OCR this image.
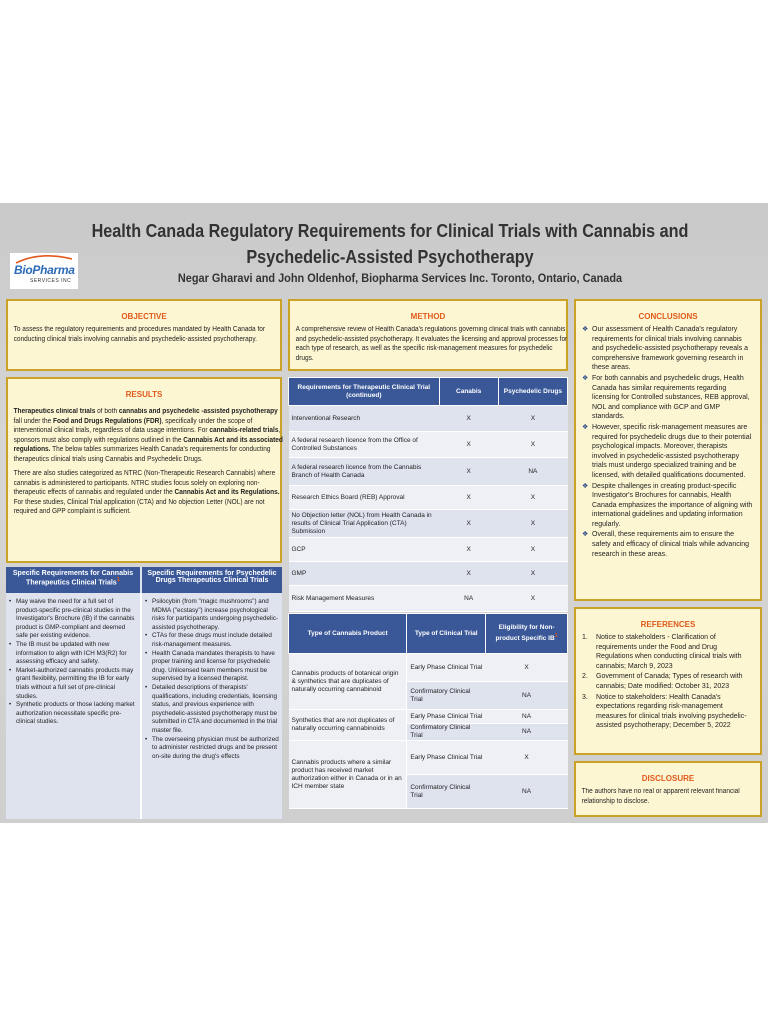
Health Canada Regulatory Requirements for Clinical Trials with Cannabis and Psychedelic-Assisted Psychotherapy
BioPharma
SERVICES INC	Negar Gharavi and John Oldenhof, Biopharma Services Inc. Toronto, Ontario, Canada
OBJECTIVE
To assess the regulatory requirements and procedures mandated by Health Canada for conducting clinical trials involving cannabis and psychedelic-assisted psychotherapy.
METHOD
A comprehensive review of Health Canada's regulations governing clinical trials with cannabis and psychedelic-assisted psychotherapy. It evaluates the licensing and approval processes for each type of research, as well as the specific risk-management measures for psychedelic drugs.
CONCLUSIONS
❖ Our assessment of Health Canada's regulatory requirements for clinical trials involving cannabis and psychedelic-assisted psychotherapy reveals a comprehensive framework governing research in these areas.
❖ For both cannabis and psychedelic drugs, Health Canada has similar requirements regarding licensing for Controlled substances, REB approval, NOL and compliance with GCP and GMP standards.
❖ However, specific risk-management measures are required for psychedelic drugs due to their potential psychological impacts. Moreover, therapists involved in psychedelic-assisted psychotherapy trials must undergo specialized training and be licensed, with detailed qualifications documented.
❖ Despite challenges in creating product-specific Investigator's Brochures for cannabis, Health Canada emphasizes the importance of aligning with international guidelines and updating information regularly.
❖ Overall, these requirements aim to ensure the safety and efficacy of clinical trials while advancing research in these areas.
RESULTS

Therapeutics clinical trials of both cannabis and psychedelic -assisted psychotherapy fall under the Food and Drugs Regulations (FDR), specifically under the scope of interventional clinical trials, regardless of data usage intentions. For cannabis-related trials, sponsors must also comply with regulations outlined in the Cannabis Act and its associated regulations. The below tables summarizes Health Canada's requirements for conducting therapeutics clinical trials using Cannabis and Psychedelic Drugs.

There are also studies categorized as NTRC (Non-Therapeutic Research Cannabis) where cannabis is administered to participants. NTRC studies focus solely on exploring non-therapeutic effects of cannabis and regulated under the Cannabis Act and its Regulations. For these studies, Clinical Trial application (CTA) and No objection Letter (NOL) are not required and GPP complaint is sufficient.

Specific Requirements for Cannabis Therapeutics Clinical Trials$^1$
Specific Requirements for Psychedelic Drugs Therapeutics Clinical Trials
• May waive the need for a full set of product-specific pre-clinical studies in the Investigator's Brochure (IB) if the cannabis product is GMP-compliant and deemed safe per existing evidence.
• The IB must be updated with new information to align with ICH M3(R2) for assessing efficacy and safety.
• Market-authorized cannabis products may grant flexibility, permitting the IB for early trials without a full set of pre-clinical studies.
• Synthetic products or those lacking market authorization necessitate specific pre-clinical studies.
• Psilocybin (from "magic mushrooms") and MDMA ("ecstasy") increase psychological risks for participants undergoing psychedelic-assisted psychotherapy.
• CTAs for these drugs must include detailed risk-management measures.
• Health Canada mandates therapists to have proper training and license for psychedelic drug. Unlicensed team members must be supervised by a licensed therapist.
• Detailed descriptions of therapists' qualifications, including credentials, licensing status, and previous experience with psychedelic-assisted psychotherapy must be submitted in CTA and documented in the trial master file.
• The overseeing physician must be authorized to administer restricted drugs and be present on-site during the drug's effects
Requirements for Therapeutic Clinical Trial (continued)	Canabis	Psychedelic Drugs
Interventional Research	X	X
A federal research licence from the Office of Controlled Substances	X	X
A federal research licence from the Cannabis Branch of Health Canada	X	NA
Research Ethics Board (REB) Approval	X	X
No Objection letter (NOL) from Health Canada in results of Clinical Trial Application (CTA) Submission	X	X
GCP	X	X
GMP	X	X
Risk Management Measures	NA	X
Type of Cannabis Product	Type of Clinical Trial	Eligibility for Non-product Specific $IB^1$
Cannabis products of botanical origin & synthetics that are duplicates of naturally occurring cannabinoid	Early Phase Clinical Trial	X
	Confirmatory Clinical Trial	NA
Synthetics that are not duplicates of naturally occurring cannabinoids	Early Phase Clinical Trial	NA
	Confirmatory Clinical Trial	NA
Cannabis products where a similar product has received market authorization either in Canada or in an ICH member state	Early Phase Clinical Trial	X
	Confirmatory Clinical Trial	NA
REFERENCES
1. Notice to stakeholders - Clarification of requirements under the Food and Drug Regulations when conducting clinical trials with cannabis; March 9, 2023
2. Government of Canada; Types of research with cannabis; Date modified: October 31, 2023
3. Notice to stakeholders: Health Canada's expectations regarding risk-management measures for clinical trials involving psychedelic-assisted psychotherapy; December 5, 2022
DISCLOSURE
The authors have no real or apparent relevant financial relationship to disclose.
